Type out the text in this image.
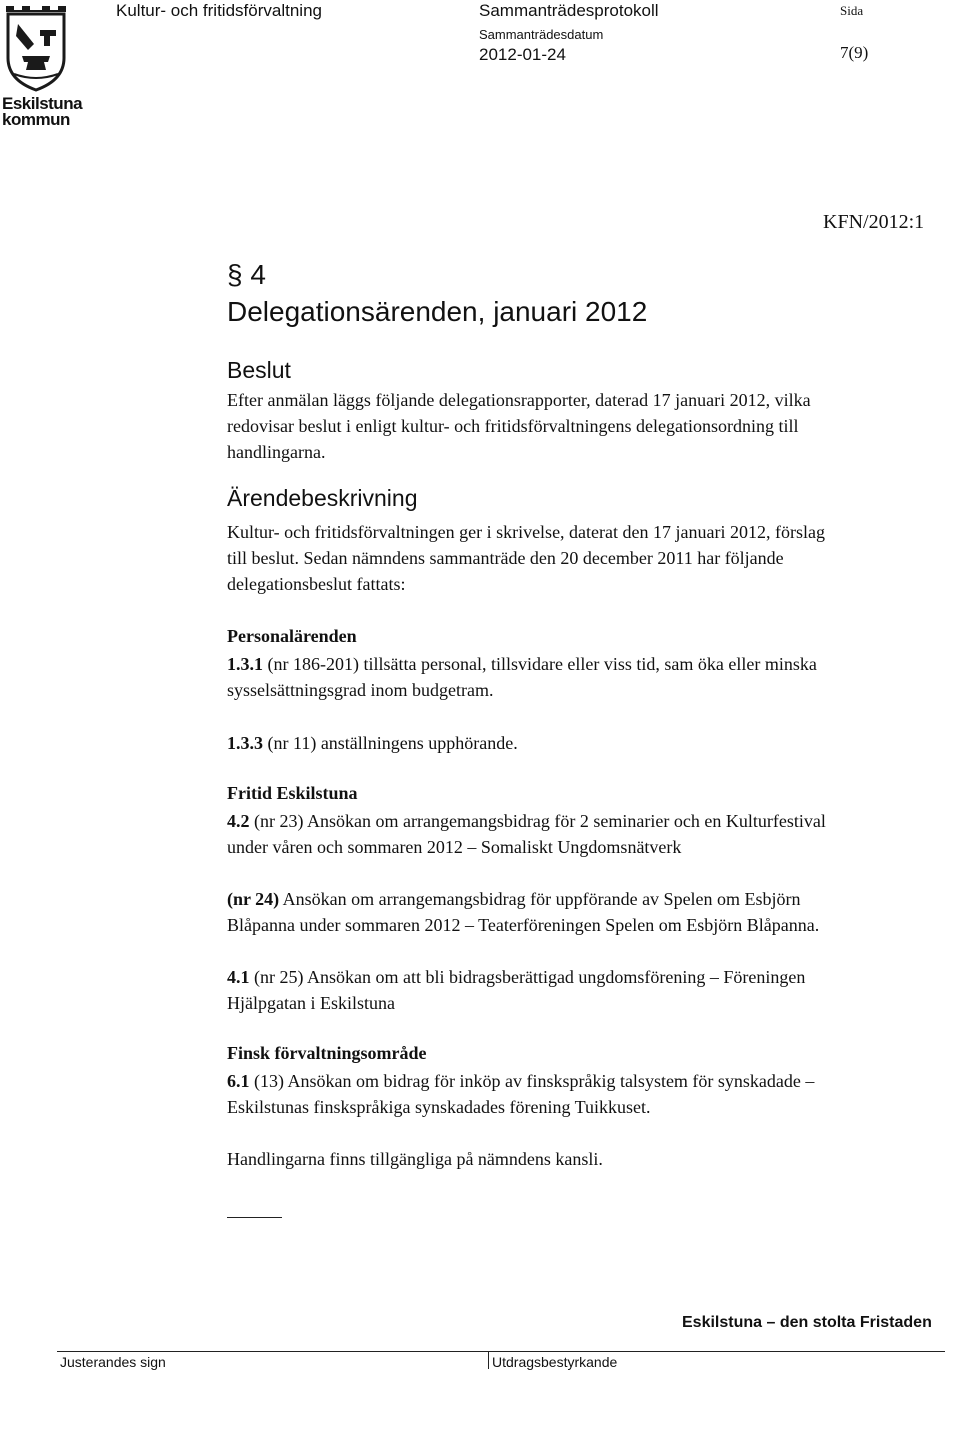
Eskilstuna
kommun
Kultur- och fritidsförvaltning	Sammanträdesprotokoll	Sida
Sammanträdesdatum
2012-01-24	7(9)
KFN/2012:1
§ 4
Delegationsärenden, januari 2012
Beslut

Efter anmälan läggs följande delegationsrapporter, daterad 17 januari 2012, vilka
redovisar beslut i enligt kultur- och fritidsförvaltningens delegationsordning till
handlingarna.

Ärendebeskrivning

Kultur- och fritidsförvaltningen ger i skrivelse, daterat den 17 januari 2012, förslag
till beslut. Sedan nämndens sammanträde den 20 december 2011 har följande
delegationsbeslut fattats:

Personalärenden

1.3.1 (nr 186-201) tillsätta personal, tillsvidare eller viss tid, sam öka eller minska
sysselsättningsgrad inom budgetram.

1.3.3 (nr 11) anställningens upphörande.

Fritid Eskilstuna

4.2 (nr 23) Ansökan om arrangemangsbidrag för 2 seminarier och en Kulturfestival
under våren och sommaren 2012 – Somaliskt Ungdomsnätverk

(nr 24) Ansökan om arrangemangsbidrag för uppförande av Spelen om Esbjörn
Blåpanna under sommaren 2012 – Teaterföreningen Spelen om Esbjörn Blåpanna.

4.1 (nr 25) Ansökan om att bli bidragsberättigad ungdomsförening – Föreningen
Hjälpgatan i Eskilstuna

Finsk förvaltningsområde

6.1 (13) Ansökan om bidrag för inköp av finskspråkig talsystem för synskadade –
Eskilstunas finskspråkiga synskadades förening Tuikkuset.

Handlingarna finns tillgängliga på nämndens kansli.

Eskilstuna – den stolta Fristaden
Justerandes sign	Utdragsbestyrkande
